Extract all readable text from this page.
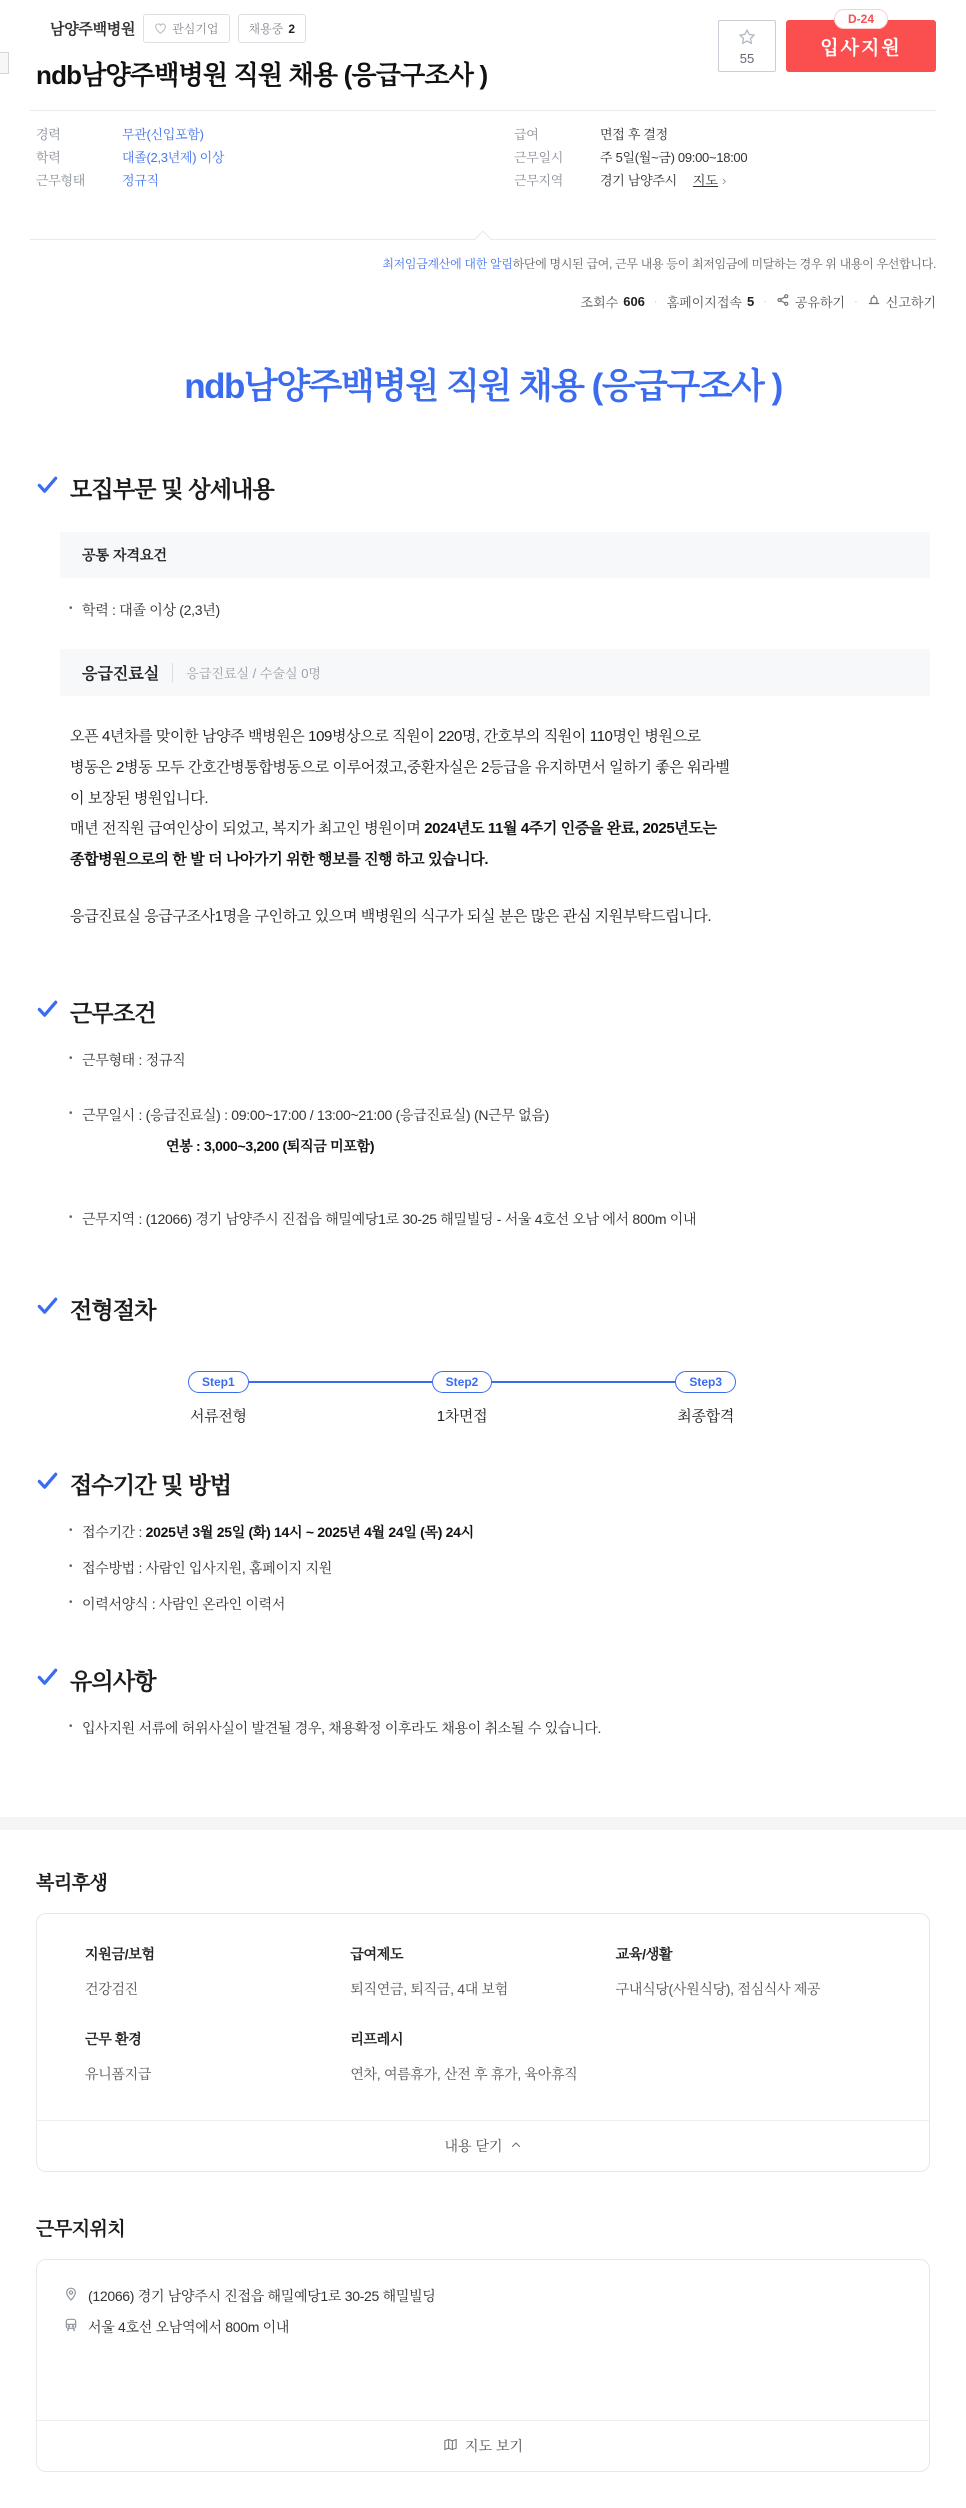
남양주백병원	관심기업	채용중 2
ndb남양주백병원 직원 채용 (응급구조사 )
55
D-24
입사지원
경력	무관(신입포함)
학력	대졸(2,3년제) 이상
근무형태	정규직
급여	면접 후 결정
근무일시	주 5일(월~금) 09:00~18:00
근무지역	경기 남양주시 지도 ›
최저임금계산에 대한 알림하단에 명시된 급여, 근무 내용 등이 최저임금에 미달하는 경우 위 내용이 우선합니다.
조회수 606 · 홈페이지접속 5 · 공유하기 · 신고하기
ndb남양주백병원 직원 채용 (응급구조사 )
모집부문 및 상세내용
공통 자격요건
• 학력 : 대졸 이상 (2,3년)
응급진료실	응급진료실 / 수술실 0명
오픈 4년차를 맞이한 남양주 백병원은 109병상으로 직원이 220명, 간호부의 직원이 110명인 병원으로
병동은 2병동 모두 간호간병통합병동으로 이루어졌고,중환자실은 2등급을 유지하면서 일하기 좋은 워라벨이 보장된 병원입니다.
매년 전직원 급여인상이 되었고, 복지가 최고인 병원이며 2024년도 11월 4주기 인증을 완료, 2025년도는 종합병원으로의 한 발 더 나아가기 위한 행보를 진행 하고 있습니다.
응급진료실 응급구조사1명을 구인하고 있으며 백병원의 식구가 되실 분은 많은 관심 지원부탁드립니다.
근무조건
• 근무형태 : 정규직
• 근무일시 : (응급진료실) : 09:00~17:00 / 13:00~21:00 (응급진료실) (N근무 없음)
연봉 : 3,000~3,200 (퇴직금 미포함)
• 근무지역 : (12066) 경기 남양주시 진접읍 해밀예당1로 30-25 해밀빌딩 - 서울 4호선 오남 에서 800m 이내
전형절차
Step1
서류전형
Step2
1차면접
Step3
최종합격
접수기간 및 방법
• 접수기간 : 2025년 3월 25일 (화) 14시 ~ 2025년 4월 24일 (목) 24시
• 접수방법 : 사람인 입사지원, 홈페이지 지원
• 이력서양식 : 사람인 온라인 이력서
유의사항
• 입사지원 서류에 허위사실이 발견될 경우, 채용확정 이후라도 채용이 취소될 수 있습니다.
복리후생
지원금/보험
건강검진
급여제도
퇴직연금, 퇴직금, 4대 보험
교육/생활
구내식당(사원식당), 점심식사 제공
근무 환경
유니폼지급
리프레시
연차, 여름휴가, 산전 후 휴가, 육아휴직
내용 닫기
근무지위치
(12066) 경기 남양주시 진접읍 해밀예당1로 30-25 해밀빌딩
서울 4호선 오남역에서 800m 이내
지도 보기
